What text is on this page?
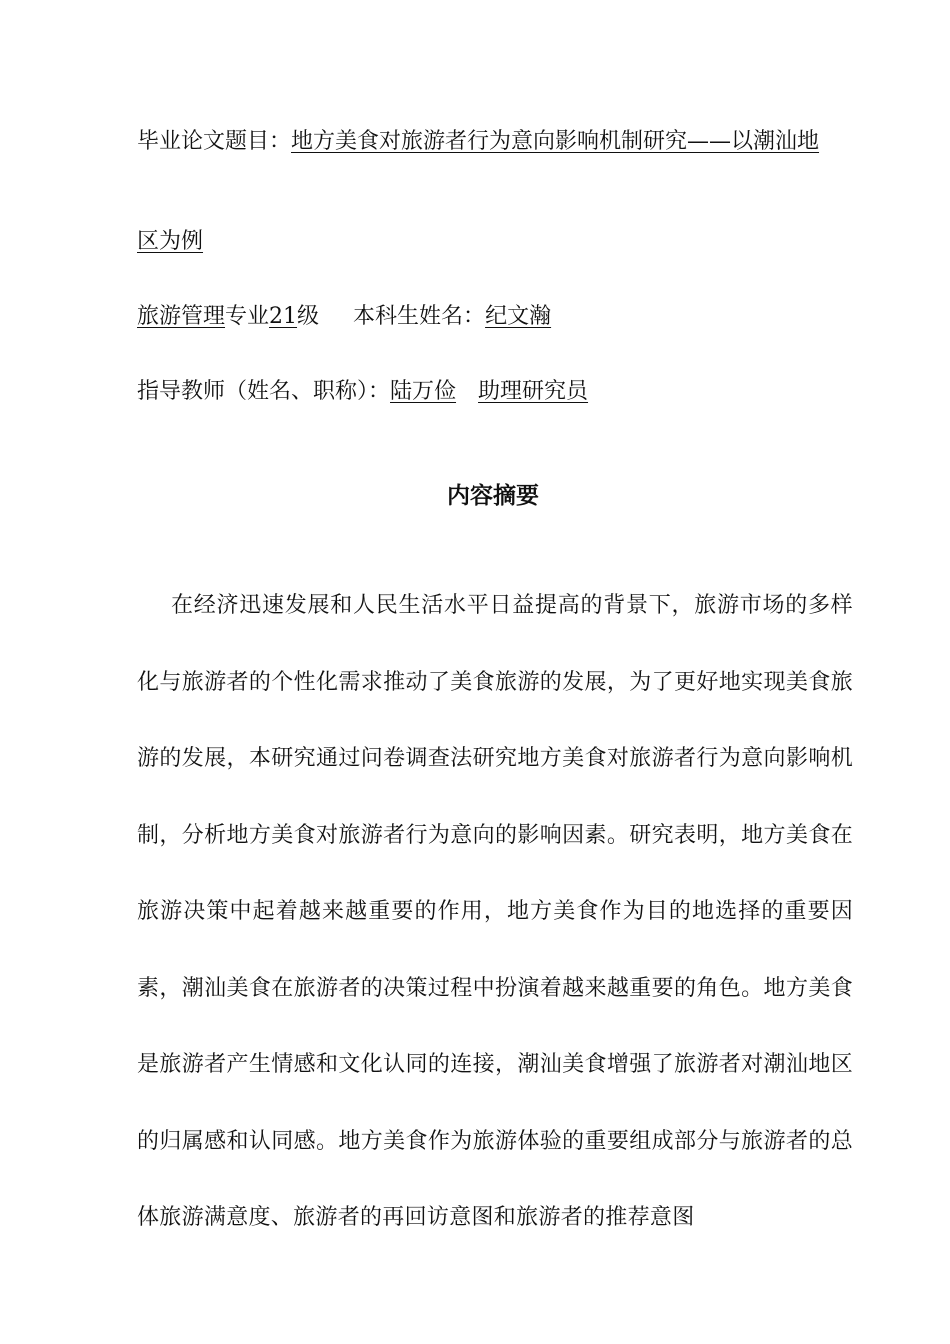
毕业论文题目：地方美食对旅游者行为意向影响机制研究——以潮汕地
区为例
旅游管理专业21级 本科生姓名：纪文瀚
指导教师（姓名、职称）：陆万俭 助理研究员
内容摘要
在经济迅速发展和人民生活水平日益提高的背景下，旅游市场的多样化与旅游者的个性化需求推动了美食旅游的发展，为了更好地实现美食旅游的发展，本研究通过问卷调查法研究地方美食对旅游者行为意向影响机制，分析地方美食对旅游者行为意向的影响因素。研究表明，地方美食在旅游决策中起着越来越重要的作用，地方美食作为目的地选择的重要因素，潮汕美食在旅游者的决策过程中扮演着越来越重要的角色。地方美食是旅游者产生情感和文化认同的连接，潮汕美食增强了旅游者对潮汕地区的归属感和认同感。地方美食作为旅游体验的重要组成部分与旅游者的总体旅游满意度、旅游者的再回访意图和旅游者的推荐意图
